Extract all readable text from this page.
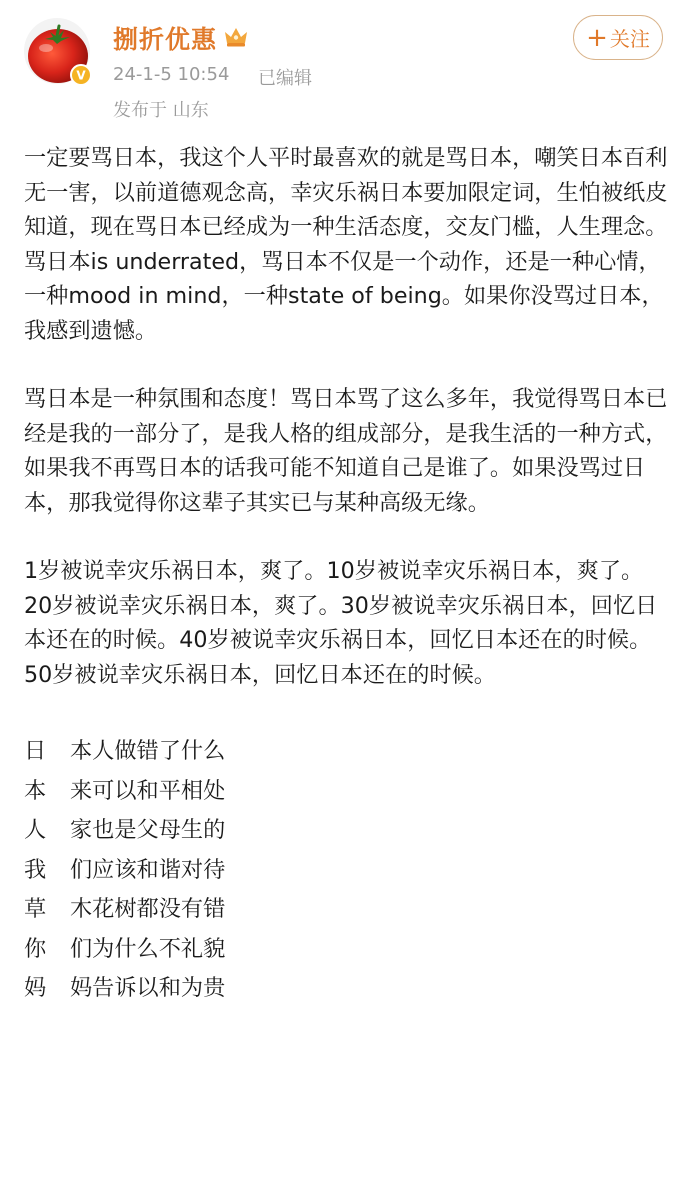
V
捌折优惠
24-1-5 10:54 已编辑
发布于 山东
+ 关注
一定要骂日本，我这个人平时最喜欢的就是骂日本，嘲笑日本百利无一害，以前道德观念高，幸灾乐祸日本要加限定词，生怕被纸皮知道，现在骂日本已经成为一种生活态度，交友门槛，人生理念。骂日本is underrated，骂日本不仅是一个动作，还是一种心情，一种mood in mind，一种state of being。如果你没骂过日本，我感到遗憾。
骂日本是一种氛围和态度！骂日本骂了这么多年，我觉得骂日本已经是我的一部分了，是我人格的组成部分，是我生活的一种方式，如果我不再骂日本的话我可能不知道自己是谁了。如果没骂过日本，那我觉得你这辈子其实已与某种高级无缘。
1岁被说幸灾乐祸日本，爽了。10岁被说幸灾乐祸日本，爽了。20岁被说幸灾乐祸日本，爽了。30岁被说幸灾乐祸日本，回忆日本还在的时候。40岁被说幸灾乐祸日本，回忆日本还在的时候。50岁被说幸灾乐祸日本，回忆日本还在的时候。
日 本人做错了什么
本 来可以和平相处
人 家也是父母生的
我 们应该和谐对待
草 木花树都没有错
你 们为什么不礼貌
妈 妈告诉以和为贵
